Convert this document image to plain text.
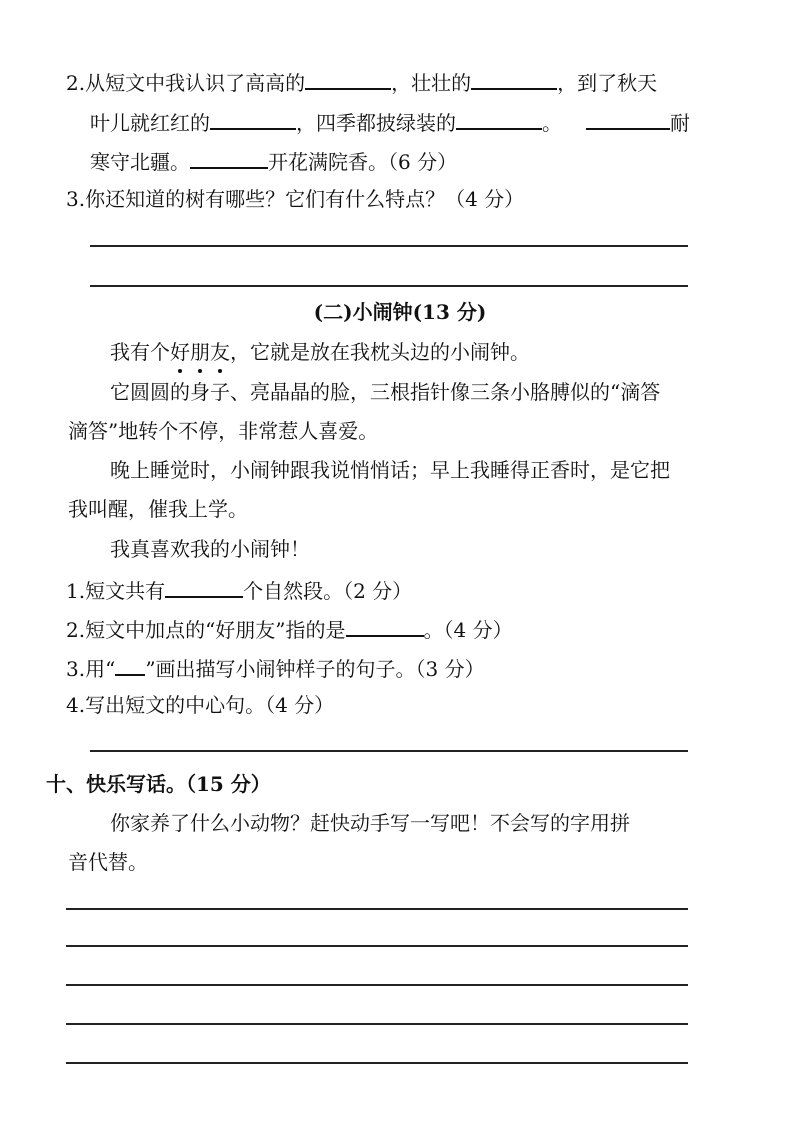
2.从短文中我认识了高高的	，壮壮的	，到了秋天
叶儿就红红的	，四季都披绿装的	。	耐
寒守北疆。	开花满院香。（6 分）
3.你还知道的树有哪些？它们有什么特点？（4 分）
(二)小闹钟(13 分)
我有个好
朋
友
，它就是放在我枕头边的小闹钟。
它圆圆的身子、亮晶晶的脸，三根指针像三条小胳膊似的“滴答
滴答”地转个不停，非常惹人喜爱。
晚上睡觉时，小闹钟跟我说悄悄话；早上我睡得正香时，是它把
我叫醒，催我上学。
我真喜欢我的小闹钟！
1.短文共有	个自然段。（2 分）
2.短文中加点的“好朋友”指的是	。（4 分）
3.用“ ”画出描写小闹钟样子的句子。（3 分）
4.写出短文的中心句。（4 分）
十、快乐写话。（15 分）
你家养了什么小动物？赶快动手写一写吧！不会写的字用拼
音代替。
